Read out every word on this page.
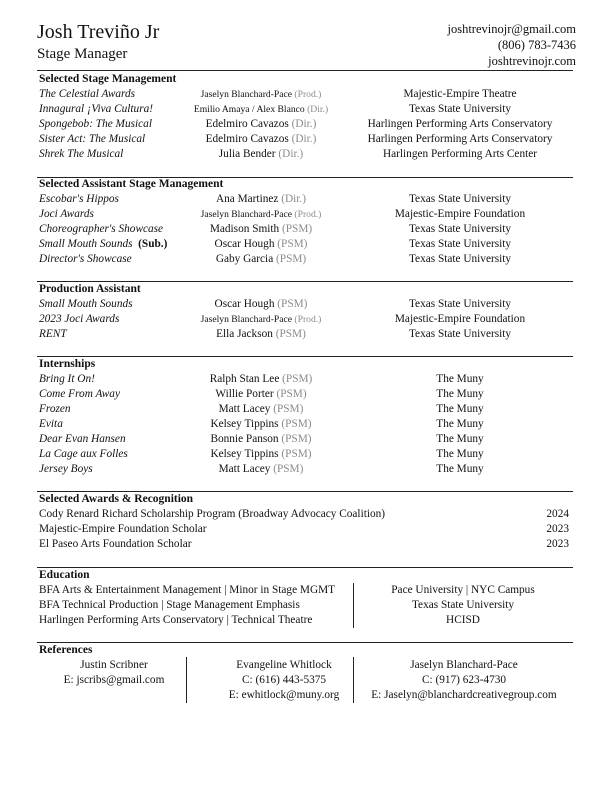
Josh Treviño Jr
Stage Manager
joshtrevinojr@gmail.com
(806) 783-7436
joshtrevinojr.com
Selected Stage Management
The Celestial Awards	Jaselyn Blanchard-Pace (Prod.)	Majestic-Empire Theatre
Innagural ¡Viva Cultura!	Emilio Amaya / Alex Blanco (Dir.)	Texas State University
Spongebob: The Musical	Edelmiro Cavazos (Dir.)	Harlingen Performing Arts Conservatory
Sister Act: The Musical	Edelmiro Cavazos (Dir.)	Harlingen Performing Arts Conservatory
Shrek The Musical	Julia Bender (Dir.)	Harlingen Performing Arts Center
Selected Assistant Stage Management
Escobar's Hippos	Ana Martinez (Dir.)	Texas State University
Joci Awards	Jaselyn Blanchard-Pace (Prod.)	Majestic-Empire Foundation
Choreographer's Showcase	Madison Smith (PSM)	Texas State University
Small Mouth Sounds (Sub.)	Oscar Hough (PSM)	Texas State University
Director's Showcase	Gaby Garcia (PSM)	Texas State University
Production Assistant
Small Mouth Sounds	Oscar Hough (PSM)	Texas State University
2023 Joci Awards	Jaselyn Blanchard-Pace (Prod.)	Majestic-Empire Foundation
RENT	Ella Jackson (PSM)	Texas State University
Internships
Bring It On!	Ralph Stan Lee (PSM)	The Muny
Come From Away	Willie Porter (PSM)	The Muny
Frozen	Matt Lacey (PSM)	The Muny
Evita	Kelsey Tippins (PSM)	The Muny
Dear Evan Hansen	Bonnie Panson (PSM)	The Muny
La Cage aux Folles	Kelsey Tippins (PSM)	The Muny
Jersey Boys	Matt Lacey (PSM)	The Muny
Selected Awards & Recognition
Cody Renard Richard Scholarship Program (Broadway Advocacy Coalition)	2024
Majestic-Empire Foundation Scholar	2023
El Paseo Arts Foundation Scholar	2023
Education
BFA Arts & Entertainment Management | Minor in Stage MGMT	Pace University | NYC Campus
BFA Technical Production | Stage Management Emphasis	Texas State University
Harlingen Performing Arts Conservatory | Technical Theatre	HCISD
References
Justin Scribner
E: jscribs@gmail.com
Evangeline Whitlock
C: (616) 443-5375
E: ewhitlock@muny.org
Jaselyn Blanchard-Pace
C: (917) 623-4730
E: Jaselyn@blanchardcreativegroup.com
